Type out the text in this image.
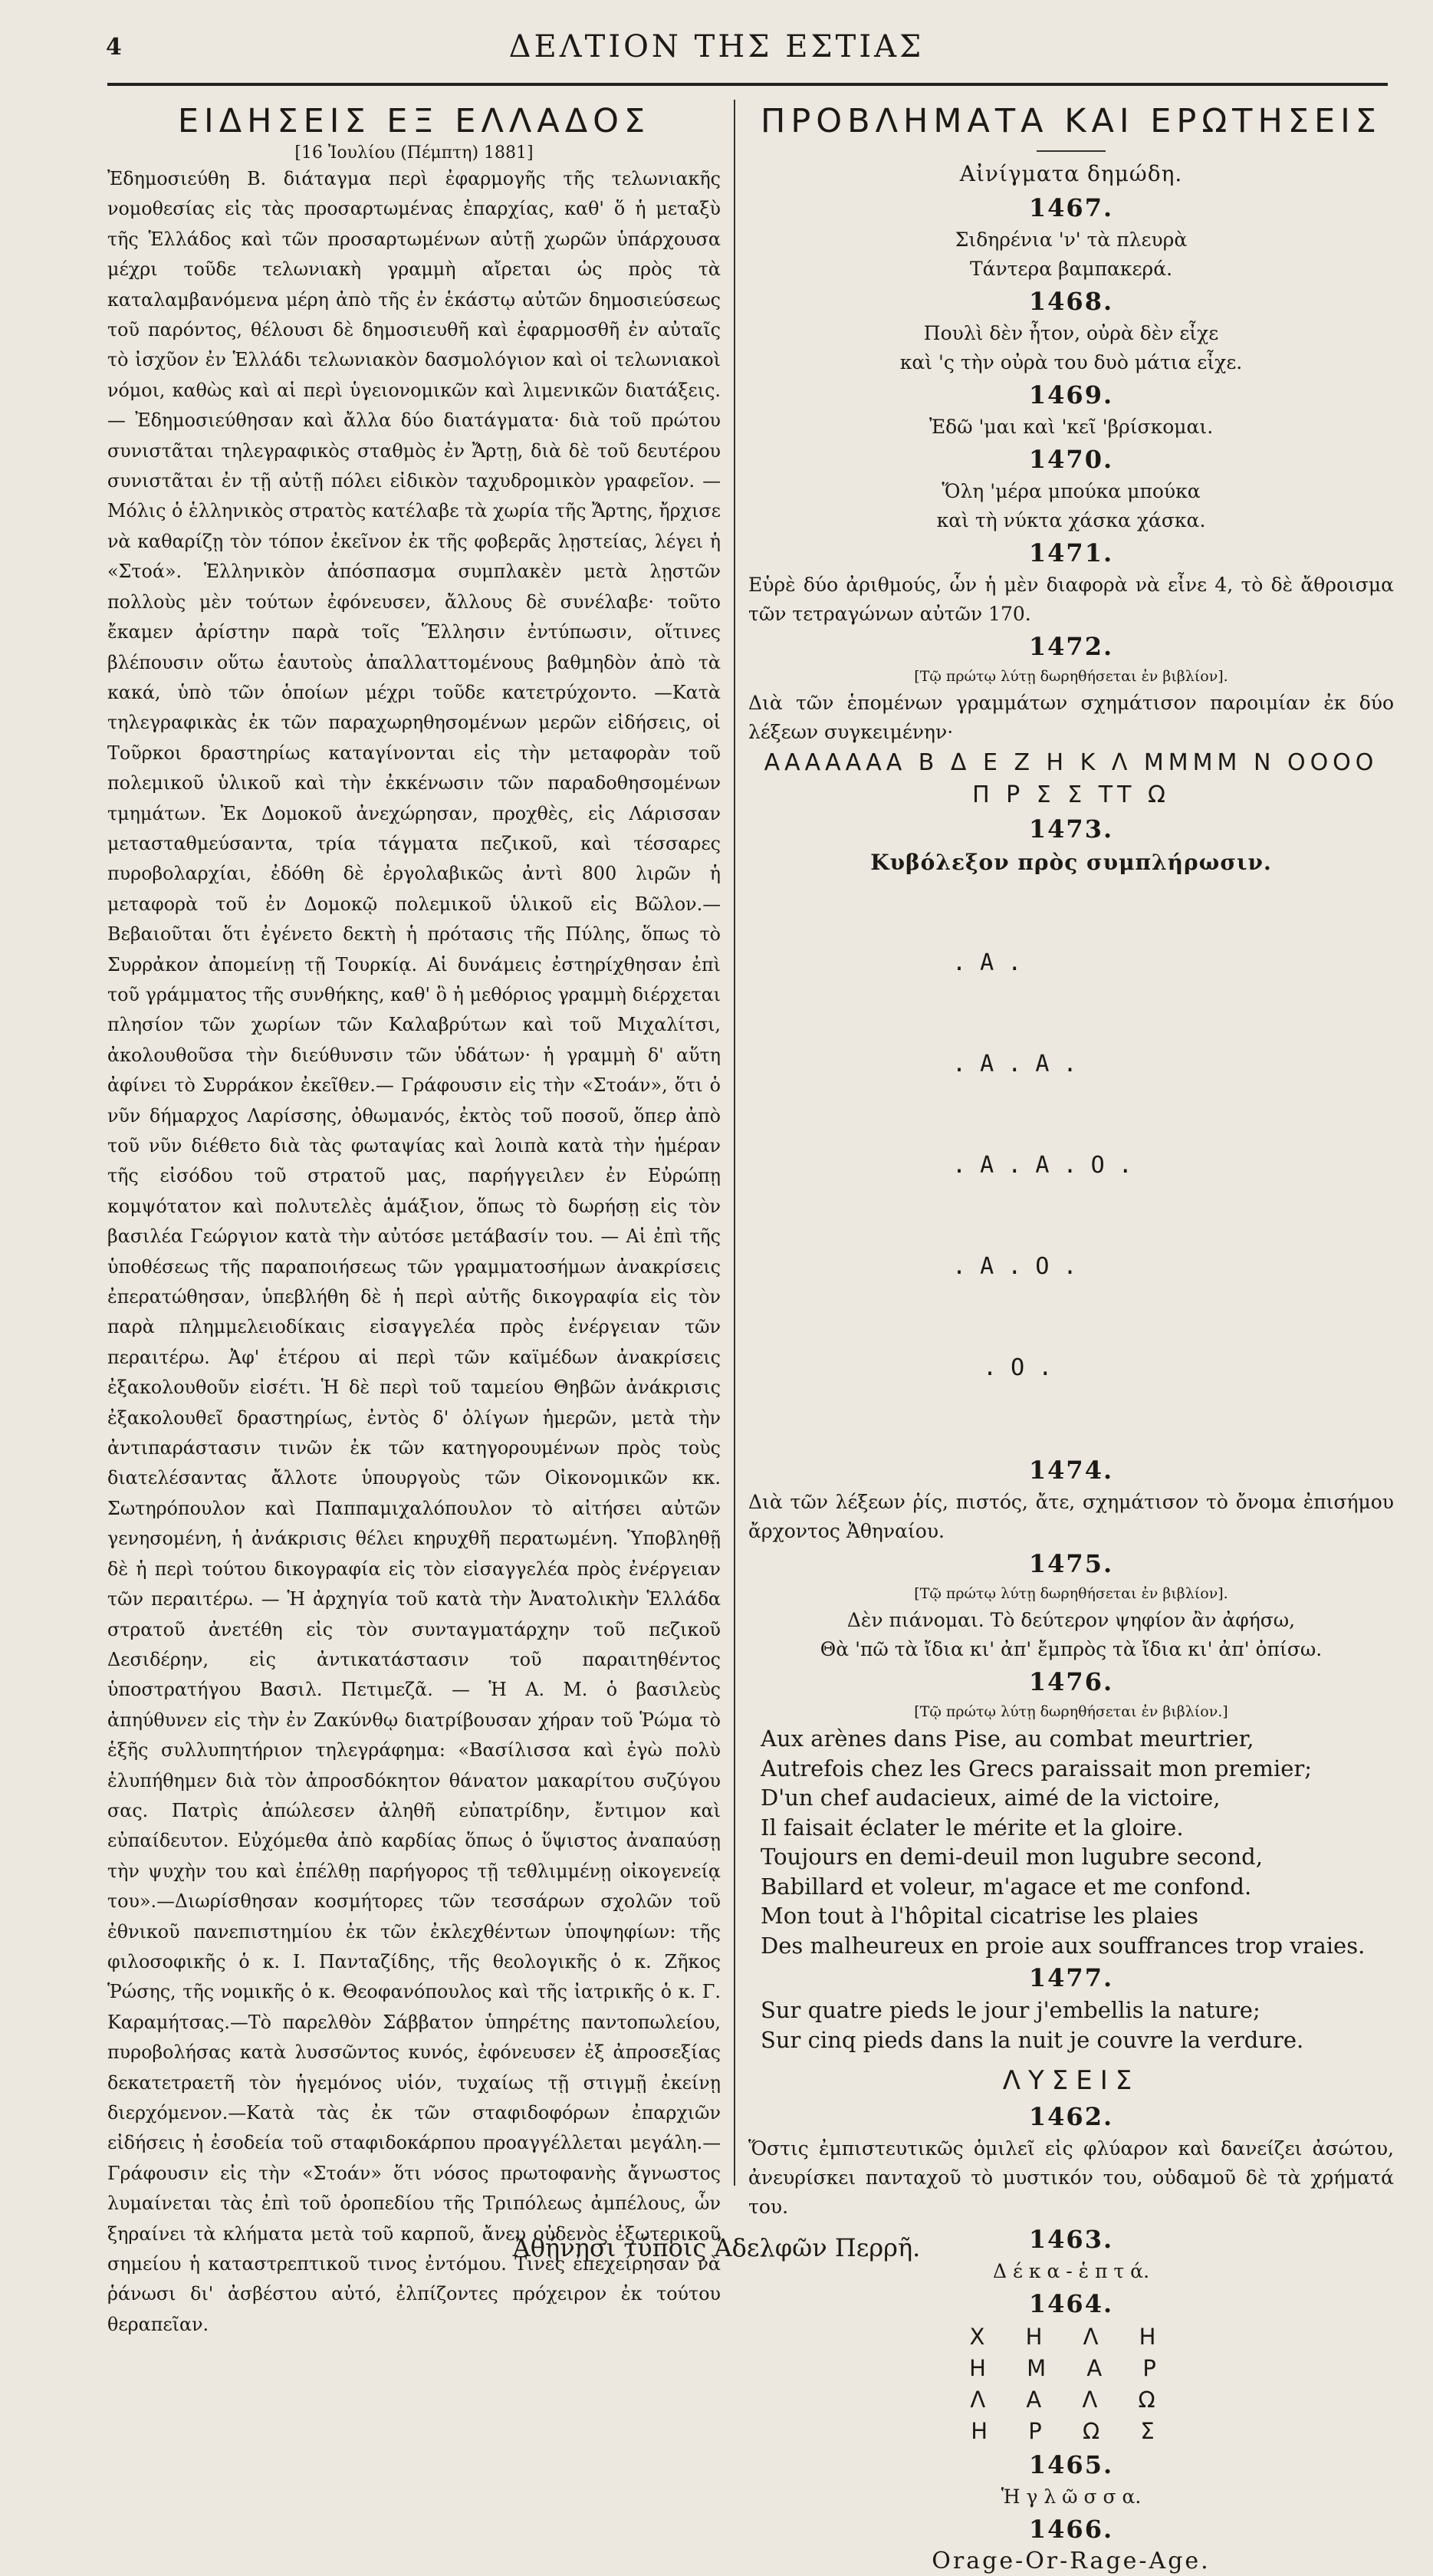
4	ΔΕΛΤΙΟΝ ΤΗΣ ΕΣΤΙΑΣ
ΕΙΔΗΣΕΙΣ ΕΞ ΕΛΛΑΔΟΣ
[16 Ἰουλίου (Πέμπτη) 1881]

Ἐδημοσιεύθη Β. διάταγμα περὶ ἐφαρμογῆς τῆς τελωνιακῆς νομοθεσίας εἰς τὰς προσαρτωμένας ἐπαρχίας, καθ' ὅ ἡ μεταξὺ τῆς Ἑλλάδος καὶ τῶν προσαρτωμένων αὐτῇ χωρῶν ὑπάρχουσα μέχρι τοῦδε τελωνιακὴ γραμμὴ αἴρεται ὡς πρὸς τὰ καταλαμβανόμενα μέρη ἀπὸ τῆς ἐν ἑκάστῳ αὐτῶν δημοσιεύσεως τοῦ παρόντος, θέλουσι δὲ δημοσιευθῆ καὶ ἐφαρμοσθῆ ἐν αὐταῖς τὸ ἰσχῦον ἐν Ἑλλάδι τελωνιακὸν δασμολόγιον καὶ οἱ τελωνιακοὶ νόμοι, καθὼς καὶ αἱ περὶ ὑγειονομικῶν καὶ λιμενικῶν διατάξεις. — Ἐδημοσιεύθησαν καὶ ἄλλα δύο διατάγματα· διὰ τοῦ πρώτου συνιστᾶται τηλεγραφικὸς σταθμὸς ἐν Ἄρτῃ, διὰ δὲ τοῦ δευτέρου συνιστᾶται ἐν τῇ αὐτῇ πόλει εἰδικὸν ταχυδρομικὸν γραφεῖον. — Μόλις ὁ ἑλληνικὸς στρατὸς κατέλαβε τὰ χωρία τῆς Ἄρτης, ἤρχισε νὰ καθαρίζῃ τὸν τόπον ἐκεῖνον ἐκ τῆς φοβερᾶς λῃστείας, λέγει ἡ «Στοά». Ἑλληνικὸν ἀπόσπασμα συμπλακὲν μετὰ λῃστῶν πολλοὺς μὲν τούτων ἐφόνευσεν, ἄλλους δὲ συνέλαβε· τοῦτο ἔκαμεν ἀρίστην παρὰ τοῖς Ἕλλησιν ἐντύπωσιν, οἵτινες βλέπουσιν οὕτω ἑαυτοὺς ἀπαλλαττομένους βαθμηδὸν ἀπὸ τὰ κακά, ὑπὸ τῶν ὁποίων μέχρι τοῦδε κατετρύχοντο. —Κατὰ τηλεγραφικὰς ἐκ τῶν παραχωρηθησομένων μερῶν εἰδήσεις, οἱ Τοῦρκοι δραστηρίως καταγίνονται εἰς τὴν μεταφορὰν τοῦ πολεμικοῦ ὑλικοῦ καὶ τὴν ἐκκένωσιν τῶν παραδοθησομένων τμημάτων. Ἐκ Δομοκοῦ ἀνεχώρησαν, προχθὲς, εἰς Λάρισσαν μετασταθμεύσαντα, τρία τάγματα πεζικοῦ, καὶ τέσσαρες πυροβολαρχίαι, ἐδόθη δὲ ἐργολαβικῶς ἀντὶ 800 λιρῶν ἡ μεταφορὰ τοῦ ἐν Δομοκῷ πολεμικοῦ ὑλικοῦ εἰς Βῶλον.—Βεβαιοῦται ὅτι ἐγένετο δεκτὴ ἡ πρότασις τῆς Πύλης, ὅπως τὸ Συρρἀκον ἀπομείνῃ τῇ Τουρκίᾳ. Αἱ δυνάμεις ἐστηρίχθησαν ἐπὶ τοῦ γράμματος τῆς συνθήκης, καθ' ὃ ἡ μεθόριος γραμμὴ διέρχεται πλησίον τῶν χωρίων τῶν Καλαβρύτων καὶ τοῦ Μιχαλίτσι, ἀκολουθοῦσα τὴν διεύθυνσιν τῶν ὑδάτων· ἡ γραμμὴ δ' αὕτη ἀφίνει τὸ Συρράκον ἐκεῖθεν.— Γράφουσιν εἰς τὴν «Στοάν», ὅτι ὁ νῦν δήμαρχος Λαρίσσης, ὀθωμανός, ἐκτὸς τοῦ ποσοῦ, ὅπερ ἀπὸ τοῦ νῦν διέθετο διὰ τὰς φωταψίας καὶ λοιπὰ κατὰ τὴν ἡμέραν τῆς εἰσόδου τοῦ στρατοῦ μας, παρήγγειλεν ἐν Εὐρώπῃ κομψότατον καὶ πολυτελὲς ἁμάξιον, ὅπως τὸ δωρήσῃ εἰς τὸν βασιλέα Γεώργιον κατὰ τὴν αὐτόσε μετάβασίν του. — Αἱ ἐπὶ τῆς ὑποθέσεως τῆς παραποιήσεως τῶν γραμματοσήμων ἀνακρίσεις ἐπερατώθησαν, ὑπεβλήθη δὲ ἡ περὶ αὐτῆς δικογραφία εἰς τὸν παρὰ πλημμελειοδίκαις εἰσαγγελέα πρὸς ἐνέργειαν τῶν περαιτέρω. Ἀφ' ἑτέρου αἱ περὶ τῶν καϊμέδων ἀνακρίσεις ἐξακολουθοῦν εἰσέτι. Ἡ δὲ περὶ τοῦ ταμείου Θηβῶν ἀνάκρισις ἐξακολουθεῖ δραστηρίως, ἐντὸς δ' ὀλίγων ἡμερῶν, μετὰ τὴν ἀντιπαράστασιν τινῶν ἐκ τῶν κατηγορουμένων πρὸς τοὺς διατελέσαντας ἄλλοτε ὑπουργοὺς τῶν Οἰκονομικῶν κκ. Σωτηρόπουλον καὶ Παππαμιχαλόπουλον τὸ αἰτήσει αὐτῶν γενησομένη, ἡ ἀνάκρισις θέλει κηρυχθῆ περατωμένη. Ὑποβληθῇ δὲ ἡ περὶ τούτου δικογραφία εἰς τὸν εἰσαγγελέα πρὸς ἐνέργειαν τῶν περαιτέρω. — Ἡ ἀρχηγία τοῦ κατὰ τὴν Ἀνατολικὴν Ἑλλάδα στρατοῦ ἀνετέθη εἰς τὸν συνταγματάρχην τοῦ πεζικοῦ Δεσιδέρην, εἰς ἀντικατάστασιν τοῦ παραιτηθέντος ὑποστρατήγου Βασιλ. Πετιμεζᾶ. — Ἡ Α. Μ. ὁ βασιλεὺς ἀπηύθυνεν εἰς τὴν ἐν Ζακύνθῳ διατρίβουσαν χήραν τοῦ Ῥώμα τὸ ἑξῆς συλλυπητήριον τηλεγράφημα: «Βασίλισσα καὶ ἐγὼ πολὺ ἐλυπήθημεν διὰ τὸν ἀπροσδόκητον θάνατον μακαρίτου συζύγου σας. Πατρὶς ἀπώλεσεν ἀληθῆ εὐπατρίδην, ἔντιμον καὶ εὐπαίδευτον. Εὐχόμεθα ἀπὸ καρδίας ὅπως ὁ ὕψιστος ἀναπαύσῃ τὴν ψυχὴν του καὶ ἐπέλθῃ παρήγορος τῇ τεθλιμμένῃ οἰκογενείᾳ του».—Διωρίσθησαν κοσμήτορες τῶν τεσσάρων σχολῶν τοῦ ἐθνικοῦ πανεπιστημίου ἐκ τῶν ἐκλεχθέντων ὑποψηφίων: τῆς φιλοσοφικῆς ὁ κ. Ι. Πανταζίδης, τῆς θεολογικῆς ὁ κ. Ζῆκος Ῥώσης, τῆς νομικῆς ὁ κ. Θεοφανόπουλος καὶ τῆς ἰατρικῆς ὁ κ. Γ. Καραμήτσας.—Τὸ παρελθὸν Σάββατον ὑπηρέτης παντοπωλείου, πυροβολήσας κατὰ λυσσῶντος κυνός, ἐφόνευσεν ἐξ ἀπροσεξίας δεκατετραετῆ τὸν ἡγεμόνος υἱόν, τυχαίως τῇ στιγμῇ ἐκείνῃ διερχόμενον.—Κατὰ τὰς ἐκ τῶν σταφιδοφόρων ἐπαρχιῶν εἰδήσεις ἡ ἐσοδεία τοῦ σταφιδοκάρπου προαγγέλλεται μεγάλη.—Γράφουσιν εἰς τὴν «Στοάν» ὅτι νόσος πρωτοφανὴς ἄγνωστος λυμαίνεται τὰς ἐπὶ τοῦ ὀροπεδίου τῆς Τριπόλεως ἀμπέλους, ὧν ξηραίνει τὰ κλήματα μετὰ τοῦ καρποῦ, ἄνευ οὐδενὸς ἐξωτερικοῦ σημείου ἡ καταστρεπτικοῦ τινος ἐντόμου. Τινὲς ἐπεχείρησαν νὰ ῥάνωσι δι' ἀσβέστου αὐτό, ἐλπίζοντες πρόχειρον ἐκ τούτου θεραπεῖαν.

ΠΡΟΒΛΗΜΑΤΑ ΚΑΙ ΕΡΩΤΗΣΕΙΣ
Αἰνίγματα δημώδη.
1467.
Σιδηρένια 'ν' τὰ πλευρὰ Τάντερα βαμπακερά.
1468.
Πουλὶ δὲν ἦτον, οὐρὰ δὲν εἶχε
καὶ 'ς τὴν οὐρὰ του δυὸ μάτια εἶχε.
1469.
Ἐδῶ 'μαι καὶ 'κεῖ 'βρίσκομαι.
1470.
Ὅλη 'μέρα μπούκα μπούκα
καὶ τὴ νύκτα χάσκα χάσκα.
1471.
Εὑρὲ δύο ἀριθμούς, ὧν ἡ μὲν διαφορὰ νὰ εἶνε 4, τὸ δὲ ἄθροισμα τῶν τετραγώνων αὐτῶν 170.
1472.
[Τῷ πρώτῳ λύτῃ δωρηθήσεται ἐν βιβλίον].
Διὰ τῶν ἑπομένων γραμμάτων σχημάτισον παροιμίαν ἐκ δύο λέξεων συγκειμένην·
ΑΑΑΑΑΑΑ Β Δ Ε Ζ Η Κ Λ ΜΜΜΜ Ν ΟΟΟΟ
Π Ρ Σ Σ ΤΤ Ω
1473.
Κυβόλεξον πρὸς συμπλήρωσιν.

. Α .

. Α . Α .

. Α . Α . Ο .

. Α . Ο .

. Ο .

1474.
Διὰ τῶν λέξεων ῥίς, πιστός, ἄτε, σχημάτισον τὸ ὄνομα ἐπισήμου ἄρχοντος Ἀθηναίου.
1475.
[Τῷ πρώτῳ λύτῃ δωρηθήσεται ἐν βιβλίον].
Δὲν πιάνομαι. Τὸ δεύτερον ψηφίον ἂν ἀφήσω,
Θὰ 'πῶ τὰ ἴδια κι' ἀπ' ἔμπρὸς τὰ ἴδια κι' ἀπ' ὀπίσω.
1476.
[Τῷ πρώτῳ λύτῃ δωρηθήσεται ἐν βιβλίον.]
Aux arènes dans Pise, au combat meurtrier,
Autrefois chez les Grecs paraissait mon premier;
D'un chef audacieux, aimé de la victoire,
Il faisait éclater le mérite et la gloire.
Toujours en demi-deuil mon lugubre second,
Babillard et voleur, m'agace et me confond.
Mon tout à l'hôpital cicatrise les plaies
Des malheureux en proie aux souffrances trop vraies.
1477.
Sur quatre pieds le jour j'embellis la nature;
Sur cinq pieds dans la nuit je couvre la verdure.
ΛΥΣΕΙΣ
1462.
Ὅστις ἐμπιστευτικῶς ὁμιλεῖ εἰς φλύαρον καὶ δανείζει ἀσώτου, ἀνευρίσκει πανταχοῦ τὸ μυστικόν του, οὐδαμοῦ δὲ τὰ χρήματά του.
1463.
Δ έ κ α - ἑ π τ ά.
1464.
Χ Η Λ Η
Η Μ Α Ρ
Λ Α Λ Ω
Η Ρ Ω Σ
1465.
Ἡ γ λ ῶ σ σ α.
1466.
Orage-Or-Rage-Age.
Ἀθήνησι τύποις Ἀδελφῶν Περρῆ.
